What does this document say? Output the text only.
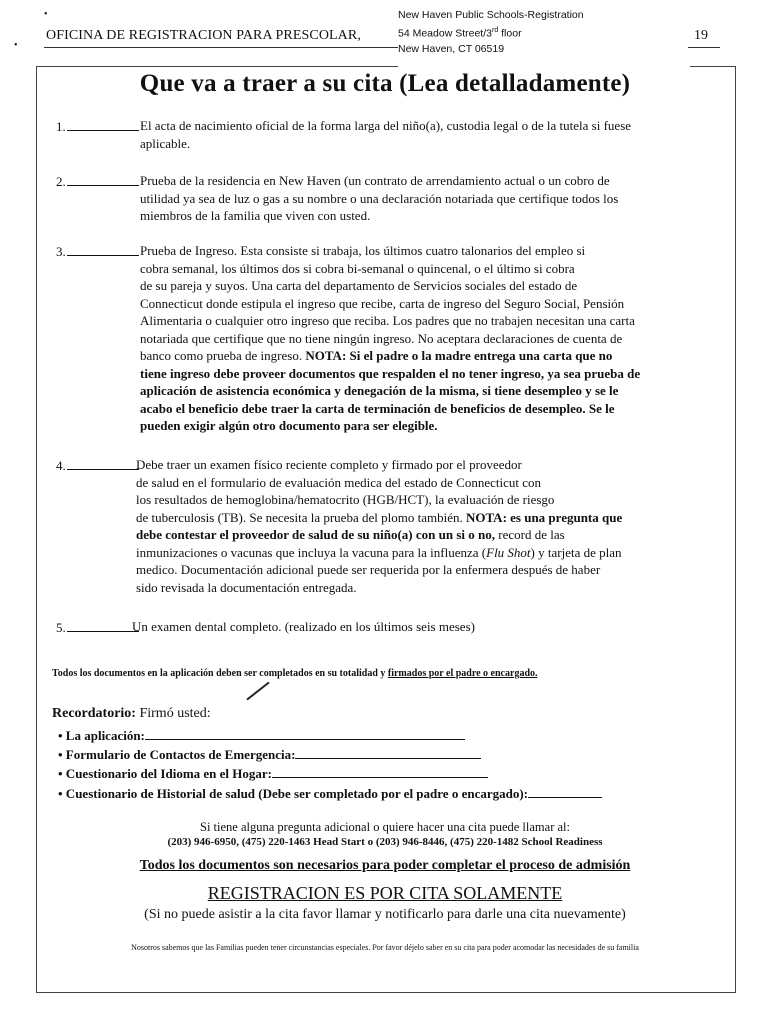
•
•
OFICINA DE REGISTRACION PARA PRESCOLAR,	19
New Haven Public Schools-Registration
54 Meadow Street/3rd floor
New Haven, CT 06519
Que va a traer a su cita (Lea detalladamente)
1.	El acta de nacimiento oficial de la forma larga del niño(a), custodia legal o de la tutela si fuese
aplicable.
2.	Prueba de la residencia en New Haven (un contrato de arrendamiento actual o un cobro de
utilidad ya sea de luz o gas a su nombre o una declaración notariada que certifique todos los
miembros de la familia que viven con usted.
3.	Prueba de Ingreso. Esta consiste si trabaja, los últimos cuatro talonarios del empleo si
cobra semanal, los últimos dos si cobra bi-semanal o quincenal, o el último si cobra
de su pareja y suyos. Una carta del departamento de Servicios sociales del estado de
Connecticut donde estipula el ingreso que recibe, carta de ingreso del Seguro Social, Pensión
Alimentaria o cualquier otro ingreso que reciba. Los padres que no trabajen necesitan una carta
notariada que certifique que no tiene ningún ingreso. No aceptara declaraciones de cuenta de
banco como prueba de ingreso. NOTA: Si el padre o la madre entrega una carta que no
tiene ingreso debe proveer documentos que respalden el no tener ingreso, ya sea prueba de
aplicación de asistencia económica y denegación de la misma, si tiene desempleo y se le
acabo el beneficio debe traer la carta de terminación de beneficios de desempleo. Se le
pueden exigir algún otro documento para ser elegible.
4.	Debe traer un examen físico reciente completo y firmado por el proveedor
de salud en el formulario de evaluación medica del estado de Connecticut con
los resultados de hemoglobina/hematocrito (HGB/HCT), la evaluación de riesgo
de tuberculosis (TB). Se necesita la prueba del plomo también. NOTA: es una pregunta que
debe contestar el proveedor de salud de su niño(a) con un si o no, record de las
inmunizaciones o vacunas que incluya la vacuna para la influenza (Flu Shot) y tarjeta de plan
medico. Documentación adicional puede ser requerida por la enfermera después de haber
sido revisada la documentación entregada.
5.	Un examen dental completo. (realizado en los últimos seis meses)
Todos los documentos en la aplicación deben ser completados en su totalidad y firmados por el padre o encargado.
Recordatorio: Firmó usted:
• La aplicación:
• Formulario de Contactos de Emergencia:
• Cuestionario del Idioma en el Hogar:
• Cuestionario de Historial de salud (Debe ser completado por el padre o encargado):
Si tiene alguna pregunta adicional o quiere hacer una cita puede llamar al:
(203) 946-6950, (475) 220-1463 Head Start o (203) 946-8446, (475) 220-1482 School Readiness
Todos los documentos son necesarios para poder completar el proceso de admisión
REGISTRACION ES POR CITA SOLAMENTE
(Si no puede asistir a la cita favor llamar y notificarlo para darle una cita nuevamente)
Nosotros sabemos que las Familias pueden tener circunstancias especiales. Por favor déjelo saber en su cita para poder acomodar las necesidades de su familia
